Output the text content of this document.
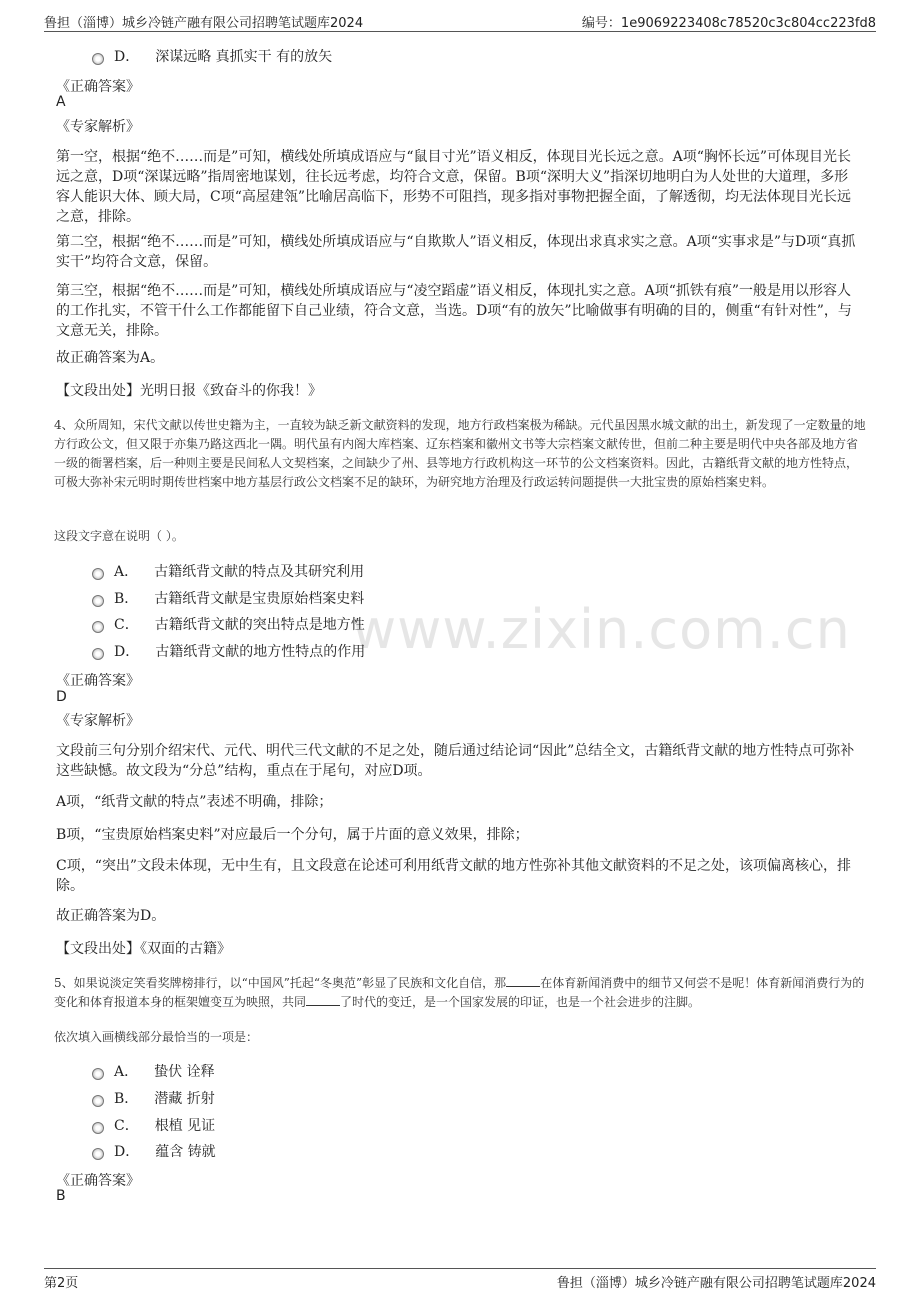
鲁担（淄博）城乡冷链产融有限公司招聘笔试题库2024	编号：1e9069223408c78520c3c804cc223fd8
www.zixin.com.cn
D． 深谋远略 真抓实干 有的放矢
《正确答案》
A
《专家解析》
第一空，根据“绝不……而是”可知，横线处所填成语应与“鼠目寸光”语义相反，体现目光长远之意。A项“胸怀长远”可体现目光长远之意，D项“深谋远略”指周密地谋划，往长远考虑，均符合文意，保留。B项“深明大义”指深切地明白为人处世的大道理，多形容人能识大体、顾大局，C项“高屋建瓴”比喻居高临下，形势不可阻挡，现多指对事物把握全面，了解透彻，均无法体现目光长远之意，排除。
第二空，根据“绝不……而是”可知，横线处所填成语应与“自欺欺人”语义相反，体现出求真求实之意。A项“实事求是”与D项“真抓实干”均符合文意，保留。
第三空，根据“绝不……而是”可知，横线处所填成语应与“凌空蹈虚”语义相反，体现扎实之意。A项“抓铁有痕”一般是用以形容人的工作扎实，不管干什么工作都能留下自己业绩，符合文意，当选。D项“有的放矢”比喻做事有明确的目的，侧重“有针对性”，与文意无关，排除。
故正确答案为A。
【文段出处】光明日报《致奋斗的你我！》
4、众所周知，宋代文献以传世史籍为主，一直较为缺乏新文献资料的发现，地方行政档案极为稀缺。元代虽因黑水城文献的出土，新发现了一定数量的地方行政公文，但又限于亦集乃路这西北一隅。明代虽有内阁大库档案、辽东档案和徽州文书等大宗档案文献传世，但前二种主要是明代中央各部及地方省一级的衙署档案，后一种则主要是民间私人文契档案，之间缺少了州、县等地方行政机构这一环节的公文档案资料。因此，古籍纸背文献的地方性特点，可极大弥补宋元明时期传世档案中地方基层行政公文档案不足的缺环，为研究地方治理及行政运转问题提供一大批宝贵的原始档案史料。
这段文字意在说明（ ）。
A． 古籍纸背文献的特点及其研究利用
B． 古籍纸背文献是宝贵原始档案史料
C． 古籍纸背文献的突出特点是地方性
D． 古籍纸背文献的地方性特点的作用
《正确答案》
D
《专家解析》
文段前三句分别介绍宋代、元代、明代三代文献的不足之处，随后通过结论词“因此”总结全文，古籍纸背文献的地方性特点可弥补这些缺憾。故文段为“分总”结构，重点在于尾句，对应D项。
A项，“纸背文献的特点”表述不明确，排除；
B项，“宝贵原始档案史料”对应最后一个分句，属于片面的意义效果，排除；
C项，“突出”文段未体现，无中生有，且文段意在论述可利用纸背文献的地方性弥补其他文献资料的不足之处，该项偏离核心，排除。
故正确答案为D。
【文段出处】《双面的古籍》
5、如果说淡定笑看奖牌榜排行，以“中国风”托起“冬奥范”彰显了民族和文化自信，那	在体育新闻消费中的细节又何尝不是呢！体育新闻消费行为的变化和体育报道本身的框架嬗变互为映照，共同	了时代的变迁，是一个国家发展的印证，也是一个社会进步的注脚。
依次填入画横线部分最恰当的一项是：
A． 蛰伏 诠释
B． 潜藏 折射
C． 根植 见证
D． 蕴含 铸就
《正确答案》
B
第2页	鲁担（淄博）城乡冷链产融有限公司招聘笔试题库2024
